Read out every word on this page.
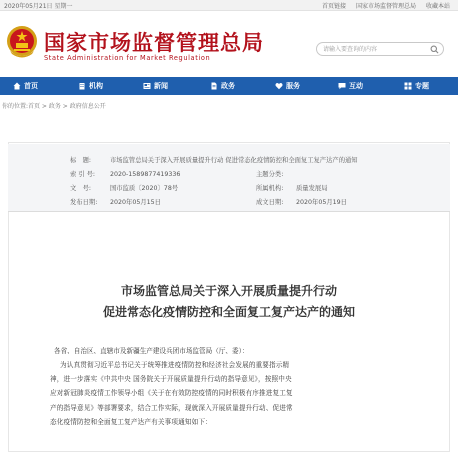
2020年05月21日 星期一	首页链接 国家市场监督管理总局 收藏本站
国家市场监督管理总局
State Administration for Market Regulation
请输入要查询的内容
首页	机构	新闻	政务	服务	互动	专题
你的位置:首页 > 政务 > 政府信息公开
标　题:	市场监管总局关于深入开展质量提升行动 促进常态化疫情防控和全面复工复产达产的通知
索 引 号: 2020-1589877419336	主题分类:
文　号:	国市监质〔2020〕78号	所属机构: 质量发展局
发布日期: 2020年05月15日	成文日期: 2020年05月19日
市场监管总局关于深入开展质量提升行动
促进常态化疫情防控和全面复工复产达产的通知
各省、自治区、直辖市及新疆生产建设兵团市场监管局（厅、委）：

为认真贯彻习近平总书记关于统筹推进疫情防控和经济社会发展的重要指示精

神，进一步落实《中共中央 国务院关于开展质量提升行动的指导意见》，按照中央

应对新冠肺炎疫情工作领导小组《关于在有效防控疫情的同时积极有序推进复工复

产的指导意见》等部署要求，结合工作实际，现就深入开展质量提升行动、促进常

态化疫情防控和全面复工复产达产有关事项通知如下：
